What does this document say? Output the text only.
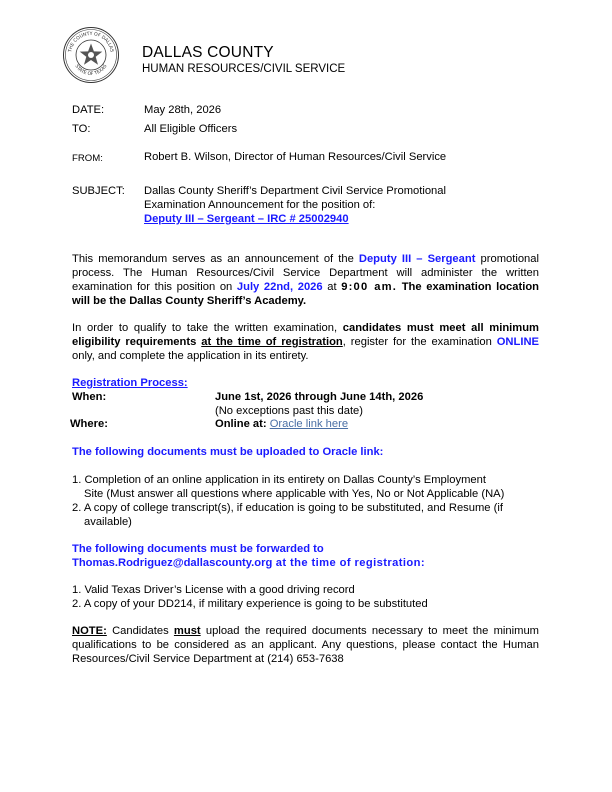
THE COUNTY OF DALLAS
STATE OF TEXAS
DALLAS COUNTY
HUMAN RESOURCES/CIVIL SERVICE
DATE:	May 28th, 2026
TO:	All Eligible Officers
FROM:	Robert B. Wilson, Director of Human Resources/Civil Service
SUBJECT: Dallas County Sheriff’s Department Civil Service Promotional
Examination Announcement for the position of:
Deputy III – Sergeant – IRC # 25002940
This memorandum serves as an announcement of the Deputy III – Sergeant promotional process. The Human Resources/Civil Service Department will administer the written examination for this position on July 22nd, 2026 at 9:00 am. The examination location will be the Dallas County Sheriff’s Academy.
In order to qualify to take the written examination, candidates must meet all minimum eligibility requirements at the time of registration, register for the examination ONLINE only, and complete the application in its entirety.
Registration Process:
When:	June 1st, 2026 through June 14th, 2026
(No exceptions past this date)
Where:	Online at: Oracle link here
The following documents must be uploaded to Oracle link:
1. Completion of an online application in its entirety on Dallas County’s Employment
Site (Must answer all questions where applicable with Yes, No or Not Applicable (NA)
2. A copy of college transcript(s), if education is going to be substituted, and Resume (if
available)
The following documents must be forwarded to
Thomas.Rodriguez@dallascounty.org at the time of registration:
1. Valid Texas Driver’s License with a good driving record
2. A copy of your DD214, if military experience is going to be substituted
NOTE: Candidates must upload the required documents necessary to meet the minimum qualifications to be considered as an applicant. Any questions, please contact the Human Resources/Civil Service Department at (214) 653-7638
